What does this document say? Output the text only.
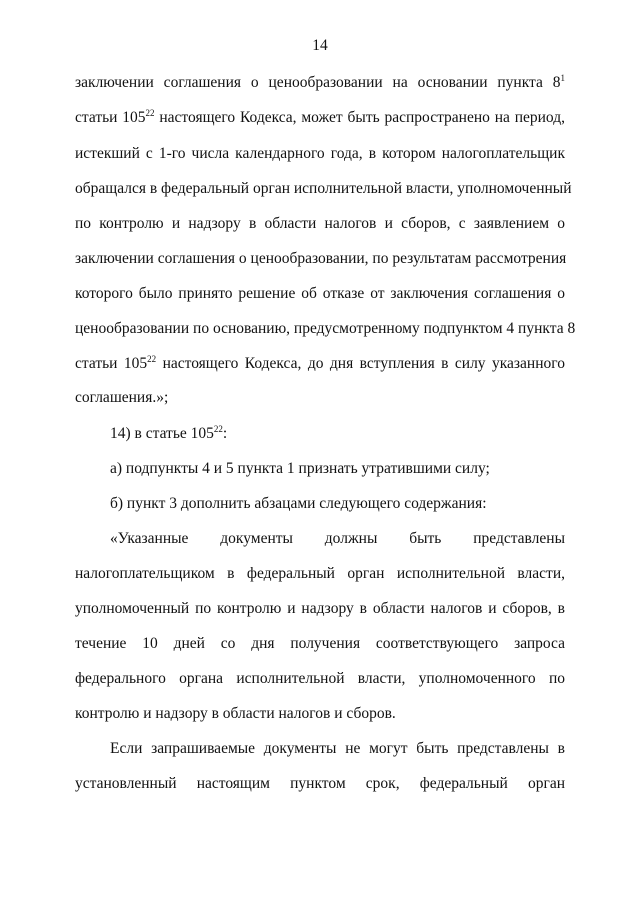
14
заключении соглашения о ценообразовании на основании пункта $8^1$
статьи $105^{22}$ настоящего Кодекса, может быть распространено на период,
истекший с 1-го числа календарного года, в котором налогоплательщик
обращался в федеральный орган исполнительной власти, уполномоченный
по контролю и надзору в области налогов и сборов, с заявлением о
заключении соглашения о ценообразовании, по результатам рассмотрения
которого было принято решение об отказе от заключения соглашения о
ценообразовании по основанию, предусмотренному подпунктом 4 пункта 8
статьи $105^{22}$ настоящего Кодекса, до дня вступления в силу указанного
соглашения.»;
14) в статье $105^{22}$:
а) подпункты 4 и 5 пункта 1 признать утратившими силу;
б) пункт 3 дополнить абзацами следующего содержания:
«Указанные документы должны быть представлены
налогоплательщиком в федеральный орган исполнительной власти,
уполномоченный по контролю и надзору в области налогов и сборов, в
течение 10 дней со дня получения соответствующего запроса
федерального органа исполнительной власти, уполномоченного по
контролю и надзору в области налогов и сборов.
Если запрашиваемые документы не могут быть представлены в
установленный настоящим пунктом срок, федеральный орган
